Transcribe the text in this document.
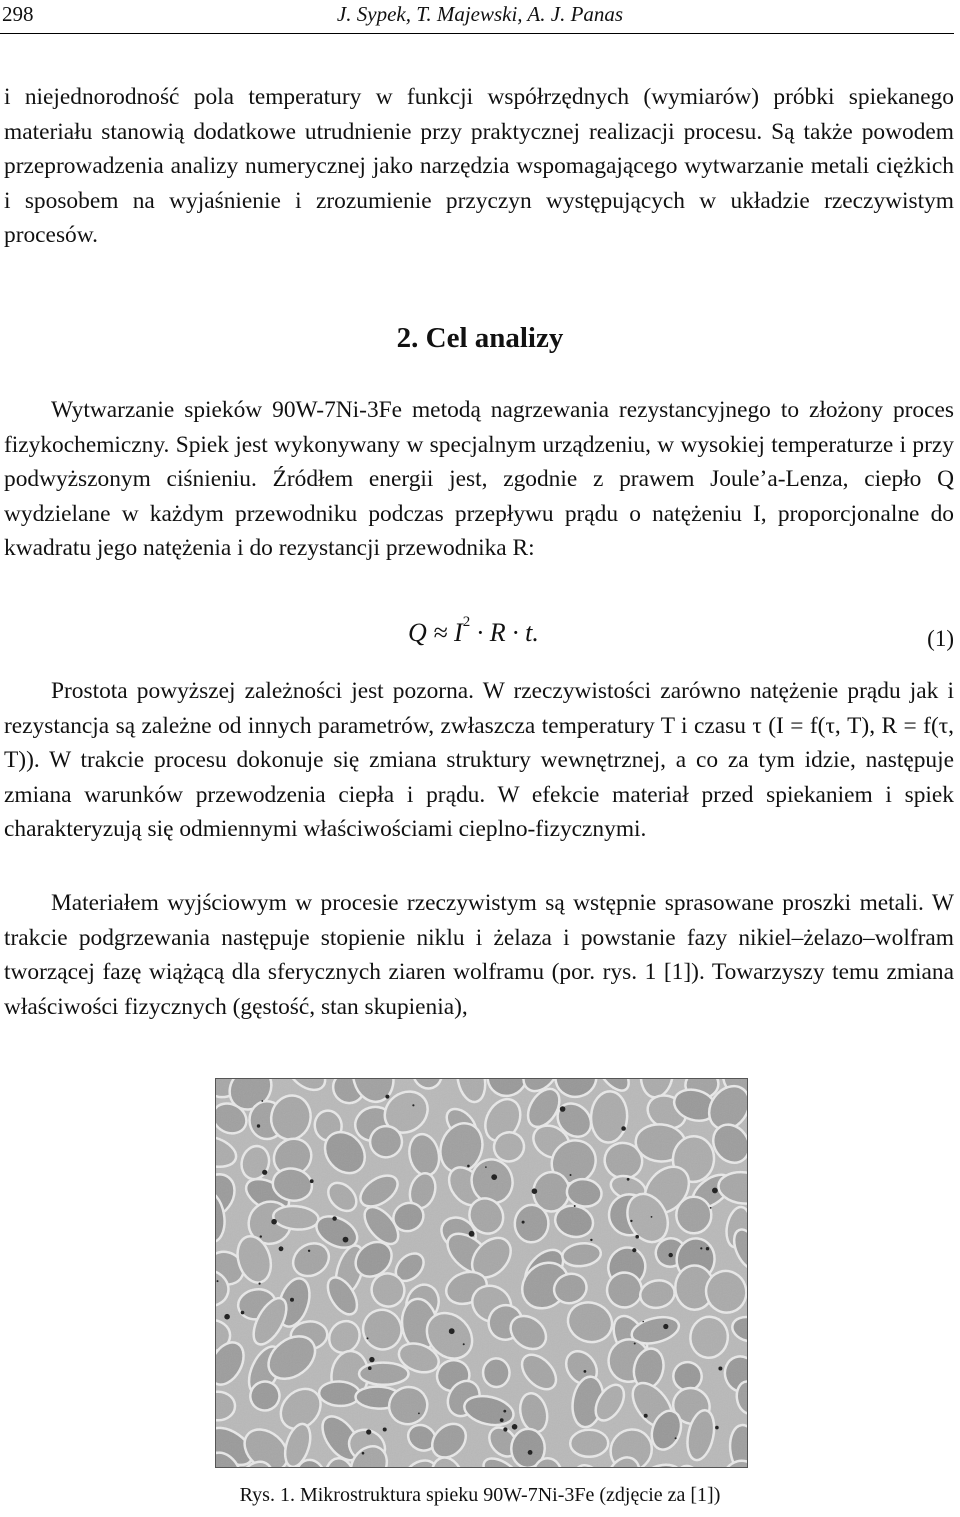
298	J. Sypek, T. Majewski, A. J. Panas

i niejednorodność pola temperatury w funkcji współrzędnych (wymiarów) próbki spiekanego materiału stanowią dodatkowe utrudnienie przy praktycznej realizacji procesu. Są także powodem przeprowadzenia analizy numerycznej jako narzędzia wspomagającego wytwarzanie metali ciężkich i sposobem na wyjaśnienie i zrozumienie przyczyn występujących w układzie rzeczywistym procesów.

2. Cel analizy

Wytwarzanie spieków 90W-7Ni-3Fe metodą nagrzewania rezystancyjnego to złożony proces fizykochemiczny. Spiek jest wykonywany w specjalnym urządzeniu, w wysokiej temperaturze i przy podwyższonym ciśnieniu. Źródłem energii jest, zgodnie z prawem Joule’a-Lenza, ciepło Q wydzielane w każdym przewodniku podczas przepływu prądu o natężeniu I, proporcjonalne do kwadratu jego natężenia i do rezystancji przewodnika R:

$Q \approx I^2 \cdot R \cdot t$.	(1)

Prostota powyższej zależności jest pozorna. W rzeczywistości zarówno natężenie prądu jak i rezystancja są zależne od innych parametrów, zwłaszcza temperatury T i czasu τ (I = f(τ, T), R = f(τ, T)). W trakcie procesu dokonuje się zmiana struktury wewnętrznej, a co za tym idzie, następuje zmiana warunków przewodzenia ciepła i prądu. W efekcie materiał przed spiekaniem i spiek charakteryzują się odmiennymi właściwościami cieplno-fizycznymi.

Materiałem wyjściowym w procesie rzeczywistym są wstępnie sprasowane proszki metali. W trakcie podgrzewania następuje stopienie niklu i żelaza i powstanie fazy nikiel–żelazo–wolfram tworzącej fazę wiążącą dla sferycznych ziaren wolframu (por. rys. 1 [1]). Towarzyszy temu zmiana właściwości fizycznych (gęstość, stan skupienia),

Rys. 1. Mikrostruktura spieku 90W-7Ni-3Fe (zdjęcie za [1])
